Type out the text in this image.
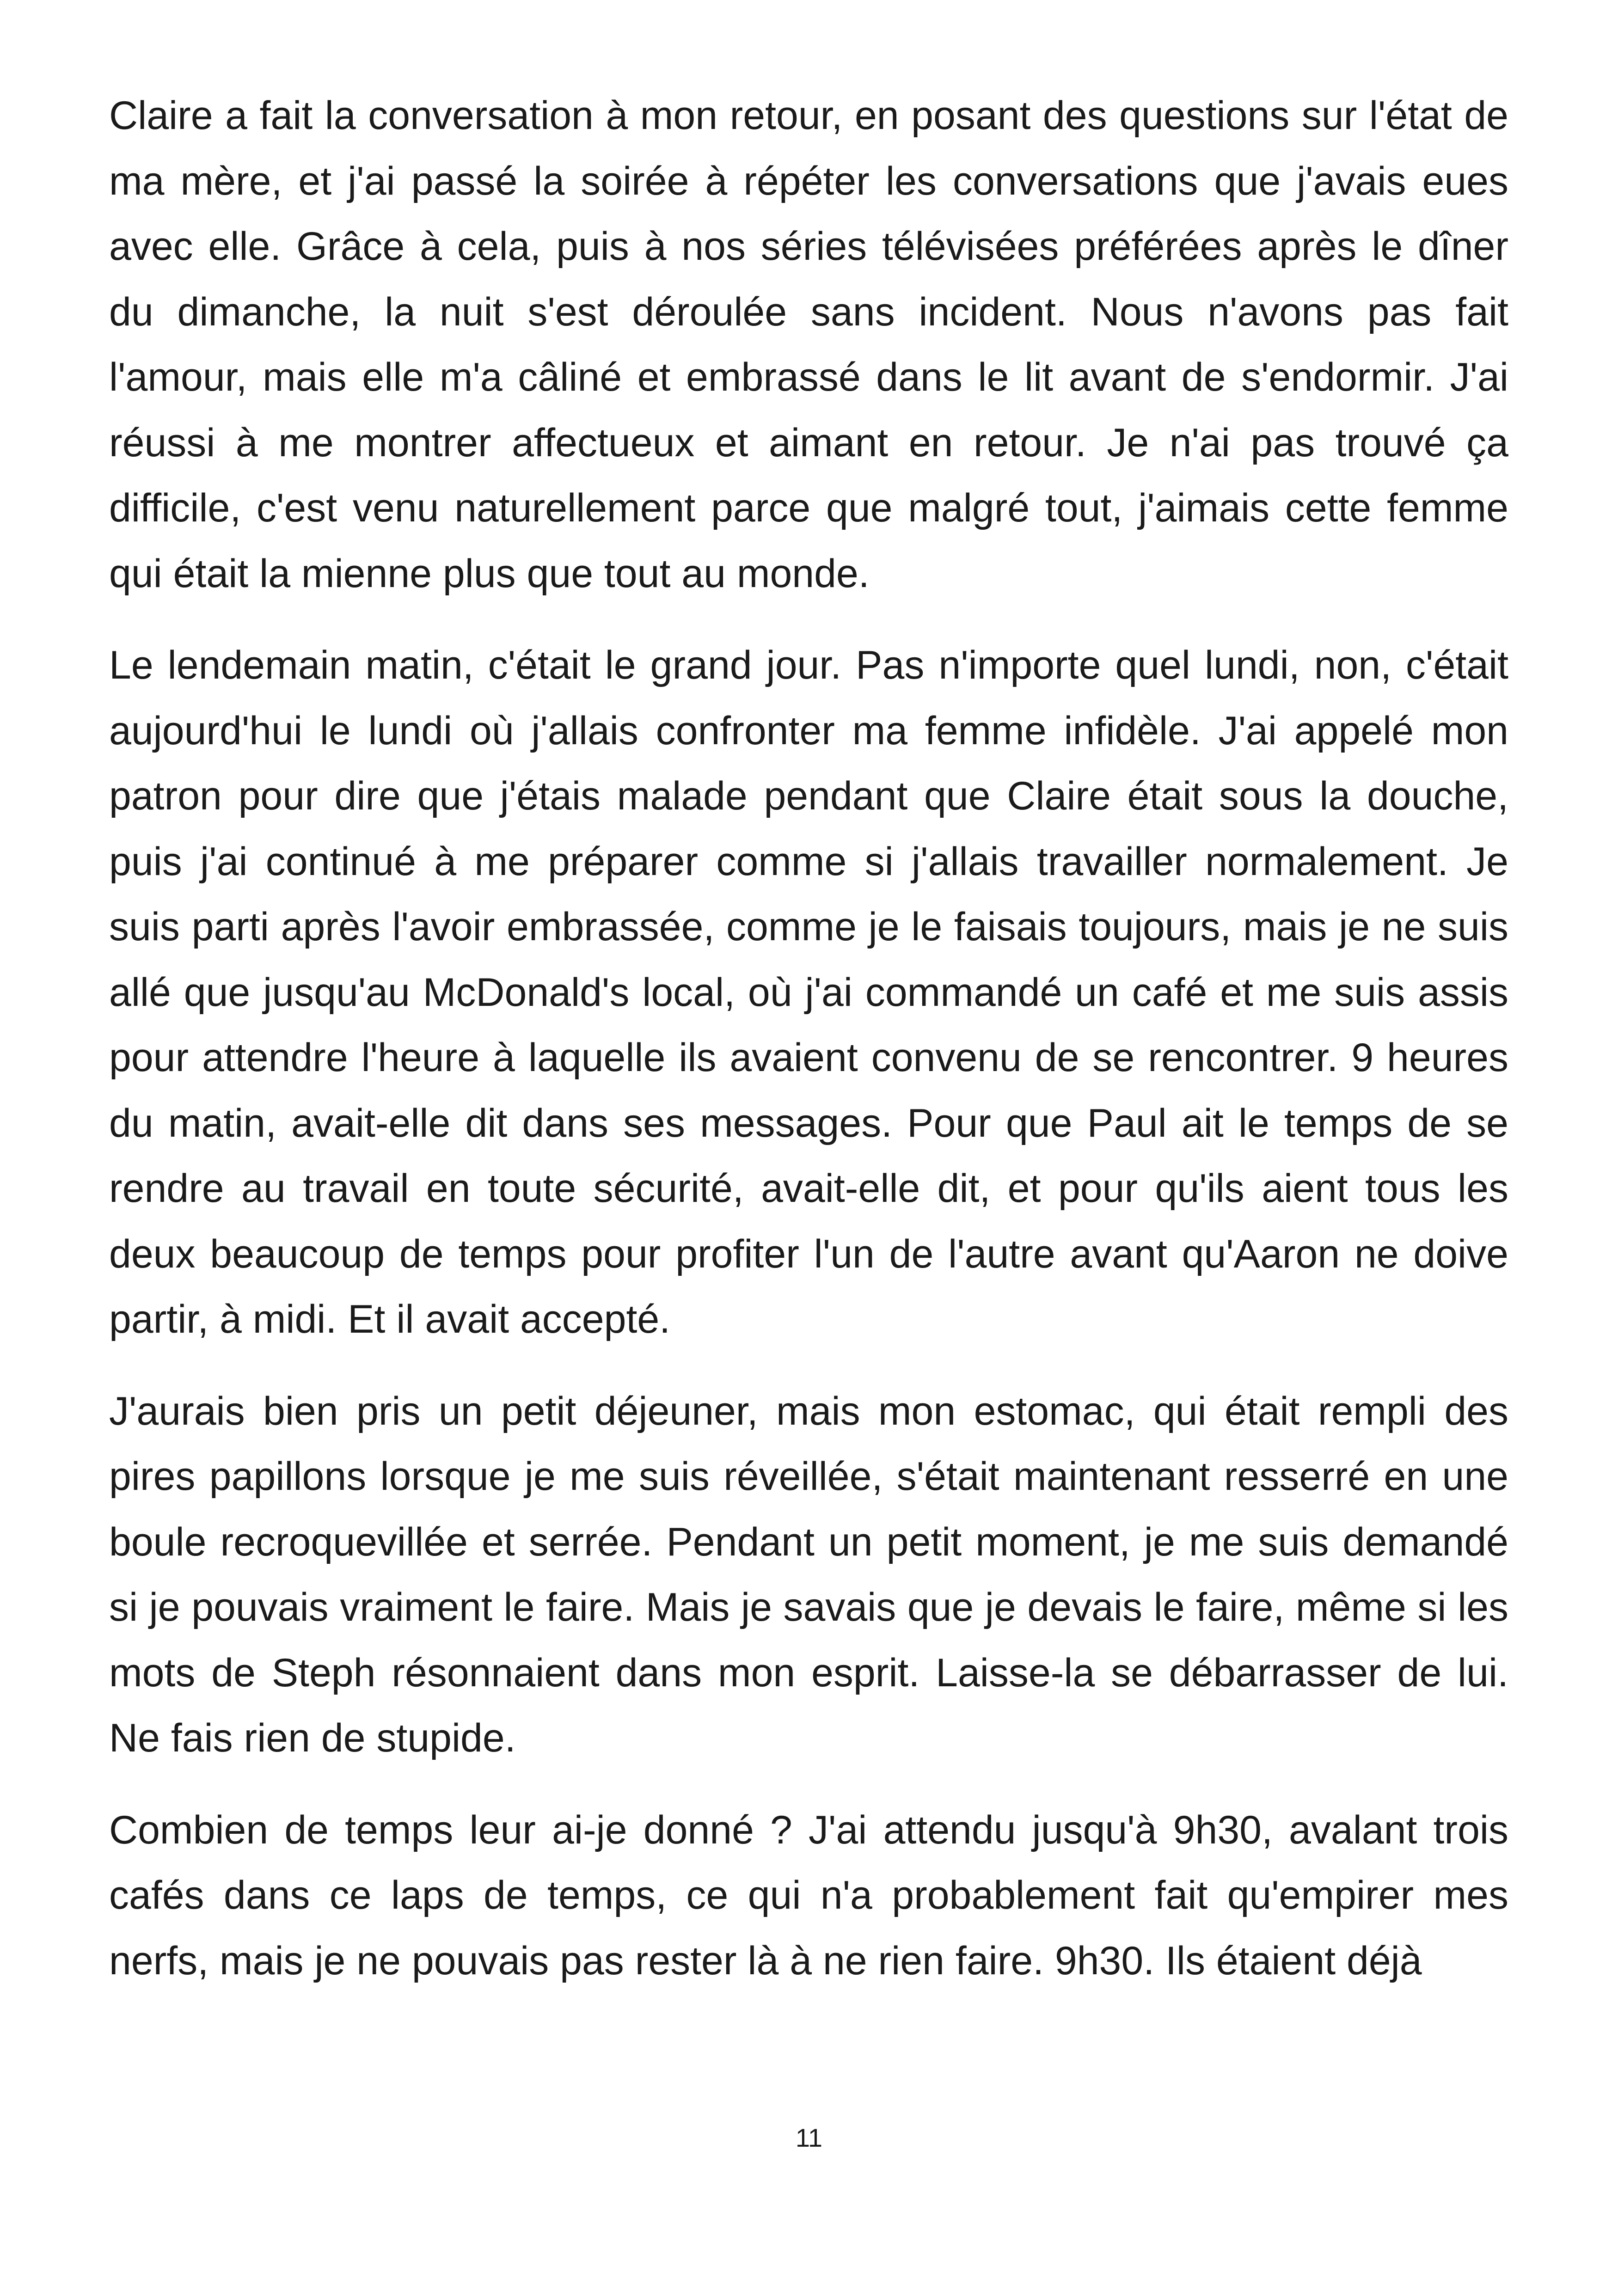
Claire a fait la conversation à mon retour, en posant des questions sur l'état de ma mère, et j'ai passé la soirée à répéter les conversations que j'avais eues avec elle. Grâce à cela, puis à nos séries télévisées préférées après le dîner du dimanche, la nuit s'est déroulée sans incident. Nous n'avons pas fait l'amour, mais elle m'a câliné et embrassé dans le lit avant de s'endormir. J'ai réussi à me montrer affectueux et aimant en retour. Je n'ai pas trouvé ça difficile, c'est venu naturellement parce que malgré tout, j'aimais cette femme qui était la mienne plus que tout au monde.

Le lendemain matin, c'était le grand jour. Pas n'importe quel lundi, non, c'était aujourd'hui le lundi où j'allais confronter ma femme infidèle. J'ai appelé mon patron pour dire que j'étais malade pendant que Claire était sous la douche, puis j'ai continué à me préparer comme si j'allais travailler normalement. Je suis parti après l'avoir embrassée, comme je le faisais toujours, mais je ne suis allé que jusqu'au McDonald's local, où j'ai commandé un café et me suis assis pour attendre l'heure à laquelle ils avaient convenu de se rencontrer. 9 heures du matin, avait-elle dit dans ses messages. Pour que Paul ait le temps de se rendre au travail en toute sécurité, avait-elle dit, et pour qu'ils aient tous les deux beaucoup de temps pour profiter l'un de l'autre avant qu'Aaron ne doive partir, à midi. Et il avait accepté.

J'aurais bien pris un petit déjeuner, mais mon estomac, qui était rempli des pires papillons lorsque je me suis réveillée, s'était maintenant resserré en une boule recroquevillée et serrée. Pendant un petit moment, je me suis demandé si je pouvais vraiment le faire. Mais je savais que je devais le faire, même si les mots de Steph résonnaient dans mon esprit. Laisse-la se débarrasser de lui. Ne fais rien de stupide.

Combien de temps leur ai-je donné ? J'ai attendu jusqu'à 9h30, avalant trois cafés dans ce laps de temps, ce qui n'a probablement fait qu'empirer mes nerfs, mais je ne pouvais pas rester là à ne rien faire. 9h30. Ils étaient déjà

11
